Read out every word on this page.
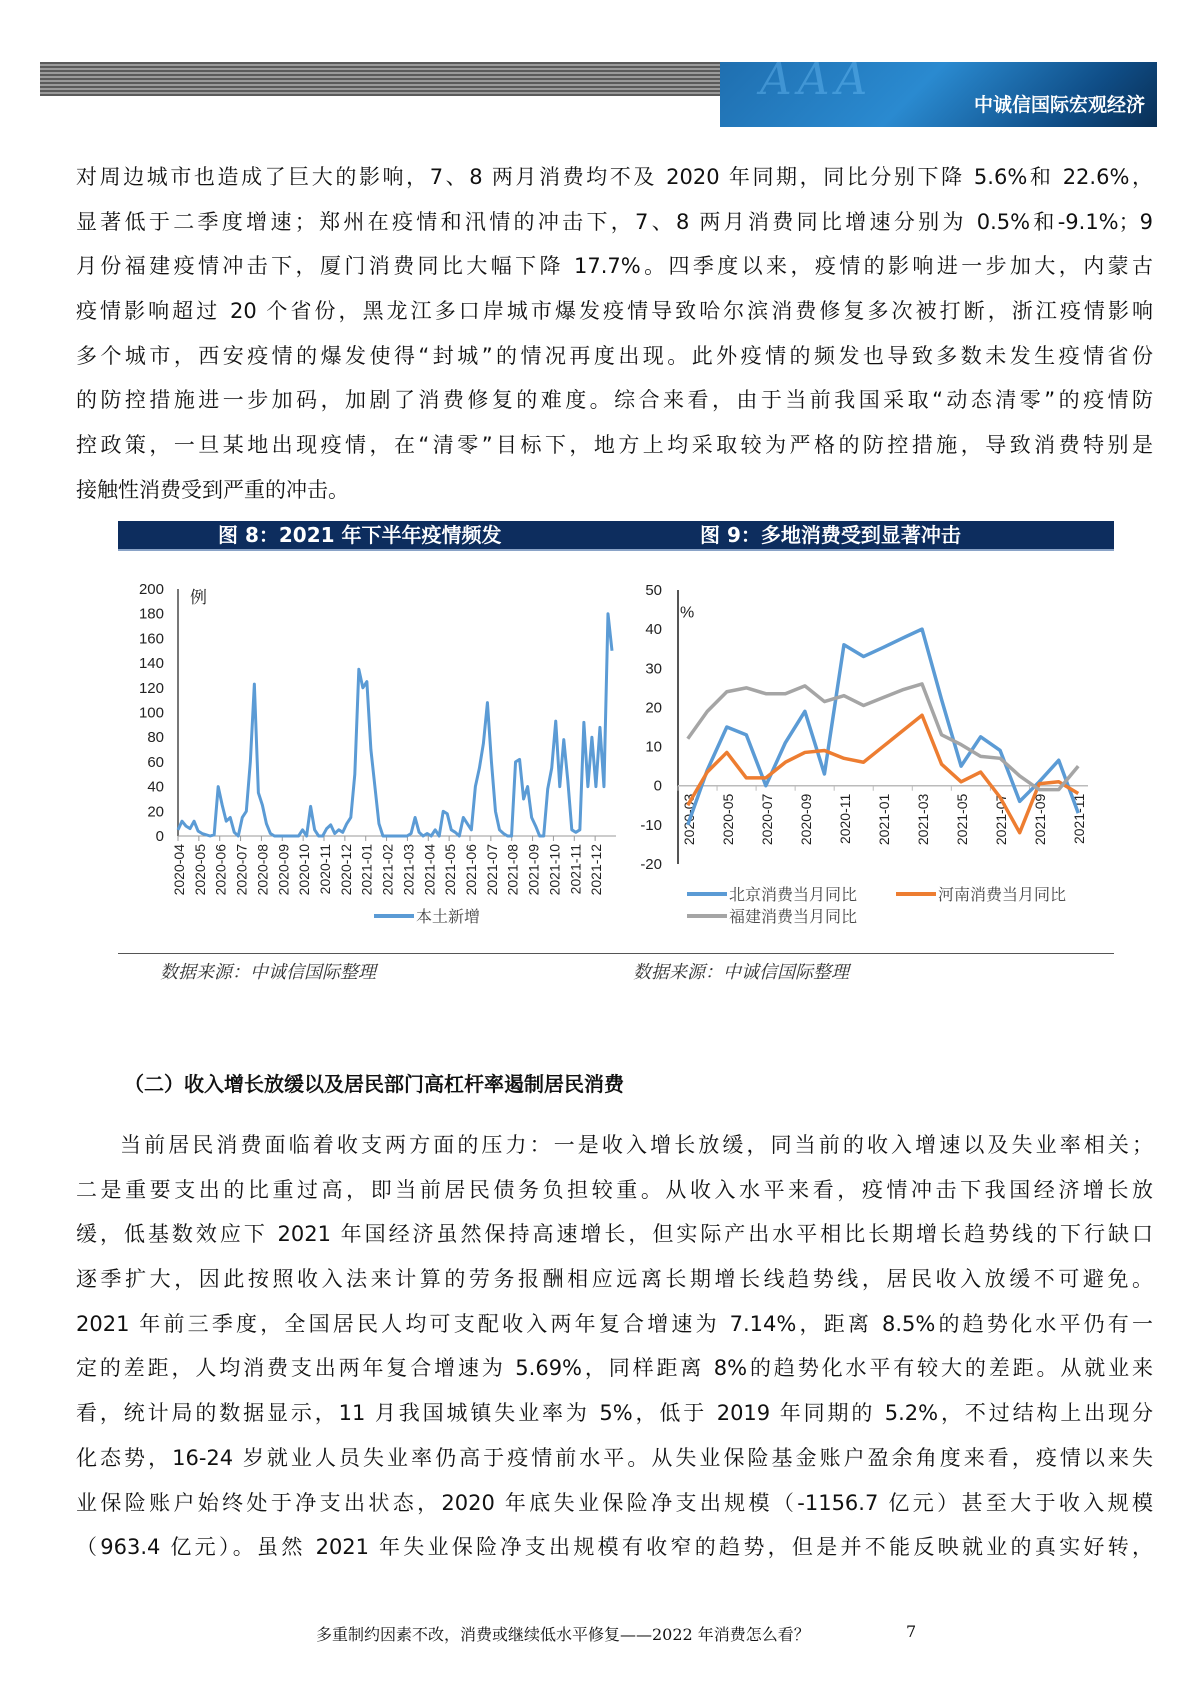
AAA	中诚信国际宏观经济
对周边城市也造成了巨大的影响，7、8 两月消费均不及 2020 年同期，同比分别下降 5.6%和 22.6%，
显著低于二季度增速；郑州在疫情和汛情的冲击下，7、8 两月消费同比增速分别为 0.5%和-9.1%；9
月份福建疫情冲击下，厦门消费同比大幅下降 17.7%。四季度以来，疫情的影响进一步加大，内蒙古
疫情影响超过 20 个省份，黑龙江多口岸城市爆发疫情导致哈尔滨消费修复多次被打断，浙江疫情影响
多个城市，西安疫情的爆发使得“封城”的情况再度出现。此外疫情的频发也导致多数未发生疫情省份
的防控措施进一步加码，加剧了消费修复的难度。综合来看，由于当前我国采取“动态清零”的疫情防
控政策，一旦某地出现疫情，在“清零”目标下，地方上均采取较为严格的防控措施，导致消费特别是
接触性消费受到严重的冲击。
图 8：2021 年下半年疫情频发	图 9：多地消费受到显著冲击
0
20
40
60
80
100
120
140
160
180
200 例
2020-04 2020-05 2020-06 2020-07 2020-08 2020-09 2020-10 2020-11 2020-12 2021-01 2021-02 2021-03 2021-04 2021-05 2021-06 2021-07 2021-08 2021-09 2021-10 2021-11 2021-12
本土新增
-20
-10
0
10
20
30
40
50
%
2020-03 2020-05 2020-07 2020-09 2020-11 2021-01 2021-03 2021-05 2021-07 2021-09 2021-11
北京消费当月同比	河南消费当月同比
福建消费当月同比
数据来源：中诚信国际整理	数据来源：中诚信国际整理
（二）收入增长放缓以及居民部门高杠杆率遏制居民消费
当前居民消费面临着收支两方面的压力：一是收入增长放缓，同当前的收入增速以及失业率相关；
二是重要支出的比重过高，即当前居民债务负担较重。从收入水平来看，疫情冲击下我国经济增长放
缓，低基数效应下 2021 年国经济虽然保持高速增长，但实际产出水平相比长期增长趋势线的下行缺口
逐季扩大，因此按照收入法来计算的劳务报酬相应远离长期增长线趋势线，居民收入放缓不可避免。
2021 年前三季度，全国居民人均可支配收入两年复合增速为 7.14%，距离 8.5%的趋势化水平仍有一
定的差距，人均消费支出两年复合增速为 5.69%，同样距离 8%的趋势化水平有较大的差距。从就业来
看，统计局的数据显示，11 月我国城镇失业率为 5%，低于 2019 年同期的 5.2%，不过结构上出现分
化态势，16-24 岁就业人员失业率仍高于疫情前水平。从失业保险基金账户盈余角度来看，疫情以来失
业保险账户始终处于净支出状态，2020 年底失业保险净支出规模（-1156.7 亿元）甚至大于收入规模
（963.4 亿元）。虽然 2021 年失业保险净支出规模有收窄的趋势，但是并不能反映就业的真实好转，
多重制约因素不改，消费或继续低水平修复——2022 年消费怎么看？	7
